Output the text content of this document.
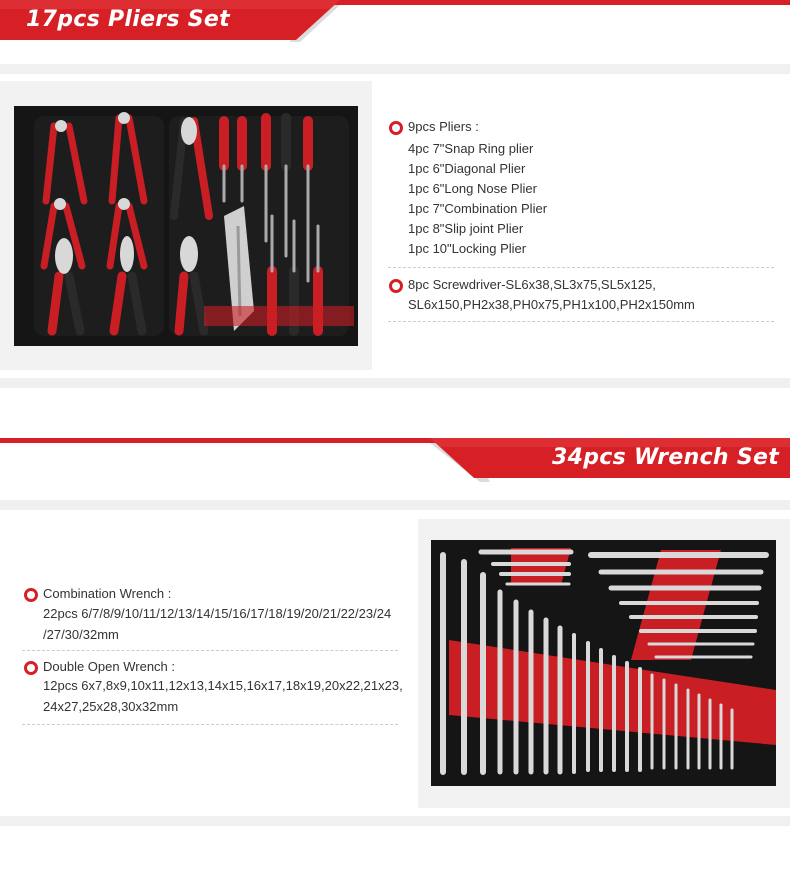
17pcs Pliers Set
9pcs Pliers :
4pc 7"Snap Ring plier
1pc 6"Diagonal Plier
1pc 6"Long Nose Plier
1pc 7"Combination Plier
1pc 8"Slip joint Plier
1pc 10"Locking Plier
8pc Screwdriver-SL6x38,SL3x75,SL5x125,
SL6x150,PH2x38,PH0x75,PH1x100,PH2x150mm
34pcs Wrench Set
Combination Wrench :
22pcs 6/7/8/9/10/11/12/13/14/15/16/17/18/19/20/21/22/23/24
/27/30/32mm
Double Open Wrench :
12pcs 6x7,8x9,10x11,12x13,14x15,16x17,18x19,20x22,21x23,
24x27,25x28,30x32mm
